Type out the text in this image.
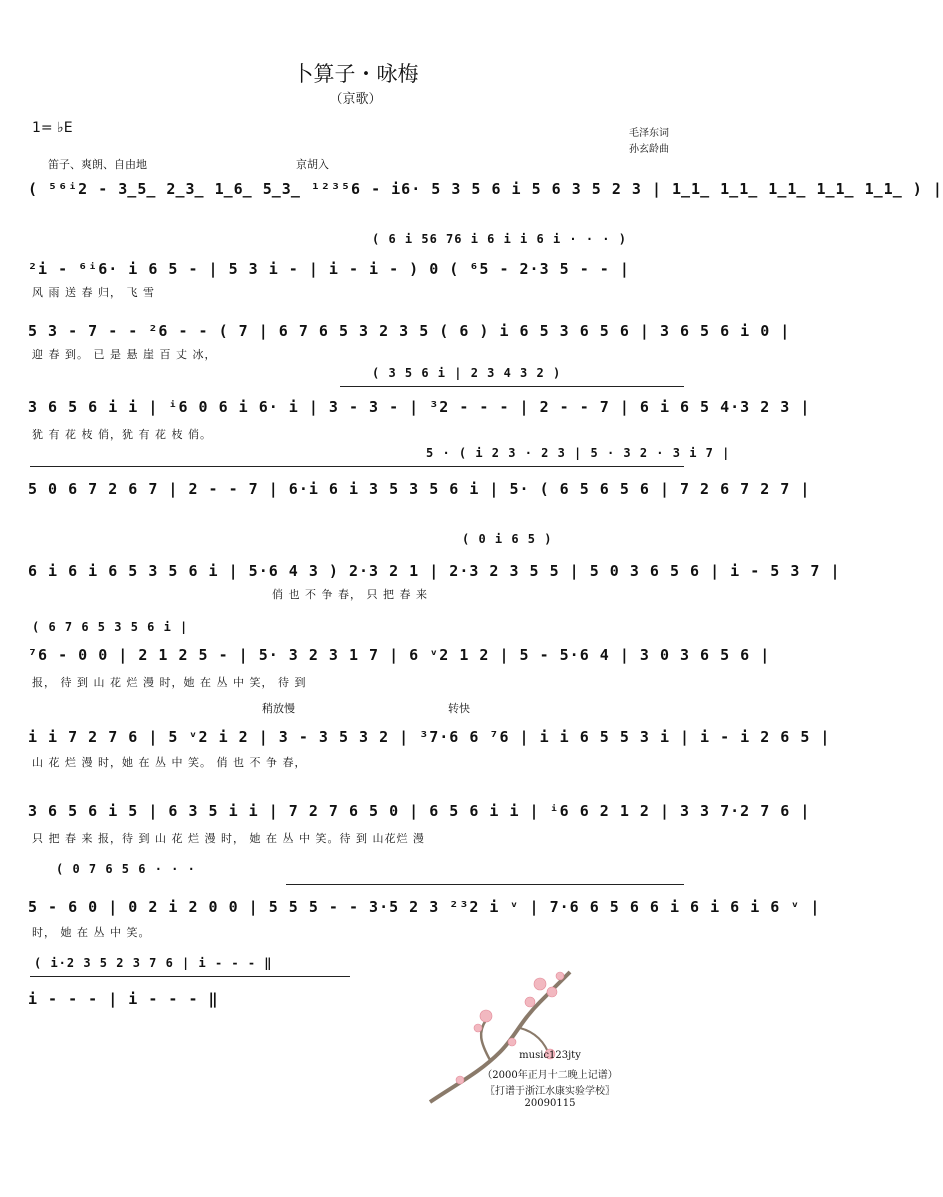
卜算子・咏梅
（京歌）
1= ♭E	毛泽东词
孙玄龄曲
笛子、爽朗、自由地	京胡入
稍放慢	转快
( ⁵⁶ⁱ2 - 3̲5̲ 2̲3̲ 1̲6̲ 5̲3̲ ¹²³⁵6 - i6· 5 3 5 6 i 5 6 3 5 2 3 | 1̲1̲ 1̲1̲ 1̲1̲ 1̲1̲ 1̲1̲ ) |
( 6 i 56 76 i 6 i i 6 i · · · )
²i - ⁶ⁱ6· i 6 5 - | 5 3 i - | i - i - ) 0 ( ⁶5 - 2·3 5 - - |
风 雨 送 春 归， 飞 雪
5 3 - 7 - - ²6 - - ( 7 | 6 7 6 5 3 2 3 5 ( 6 ) i 6 5 3 6 5 6 | 3 6 5 6 i 0 |
迎 春 到。 已 是 悬 崖 百 丈 冰，
( 3 5 6 i | 2 3 4 3 2 )
3 6 5 6 i i | ⁱ6 0 6 i 6· i | 3 - 3 - | ³2 - - - | 2 - - 7 | 6 i 6 5 4·3 2 3 |
犹 有 花 枝 俏，犹 有 花 枝 俏。
5 · ( i 2 3 · 2 3 | 5 · 3 2 · 3 i 7 |
5 0 6 7 2 6 7 | 2 - - 7 | 6·i 6 i 3 5 3 5 6 i | 5· ( 6 5 6 5 6 | 7 2 6 7 2 7 |
( 0 i 6 5 )
6 i 6 i 6 5 3 5 6 i | 5·6 4 3 ) 2·3 2 1 | 2·3 2 3 5 5 | 5 0 3 6 5 6 | i - 5 3 7 |
俏 也 不 争 春， 只 把 春 来
( 6 7 6 5 3 5 6 i |
⁷6 - 0 0 | 2 1 2 5 - | 5· 3 2 3 1 7 | 6 ᵛ2 1 2 | 5 - 5·6 4 | 3 0 3 6 5 6 |
报， 待 到 山 花 烂 漫 时，她 在 丛 中 笑， 待 到
i i 7 2 7 6 | 5 ᵛ2 i 2 | 3 - 3 5 3 2 | ³7·6 6 ⁷6 | i i 6 5 5 3 i | i - i 2 6 5 |
山 花 烂 漫 时，她 在 丛 中 笑。 俏 也 不 争 春，
3 6 5 6 i 5 | 6 3 5 i i | 7 2 7 6 5 0 | 6 5 6 i i | ⁱ6 6 2 1 2 | 3 3 7·2 7 6 |
只 把 春 来 报，待 到 山 花 烂 漫 时， 她 在 丛 中 笑。待 到 山花烂 漫
( 0 7 6 5 6 · · ·
5 - 6 0 | 0 2 i 2 0 0 | 5 5 5 - - 3·5 2 3 ²³2 i ᵛ | 7·6 6 5 6 6 i 6 i 6 i 6 ᵛ |
时， 她 在 丛 中 笑。
( i·2 3 5 2 3 7 6 | i - - - ‖
i - - - | i - - - ‖
music123jty
（2000年正月十二晚上记谱）
〖打谱于浙江水康实验学校〗
20090115
